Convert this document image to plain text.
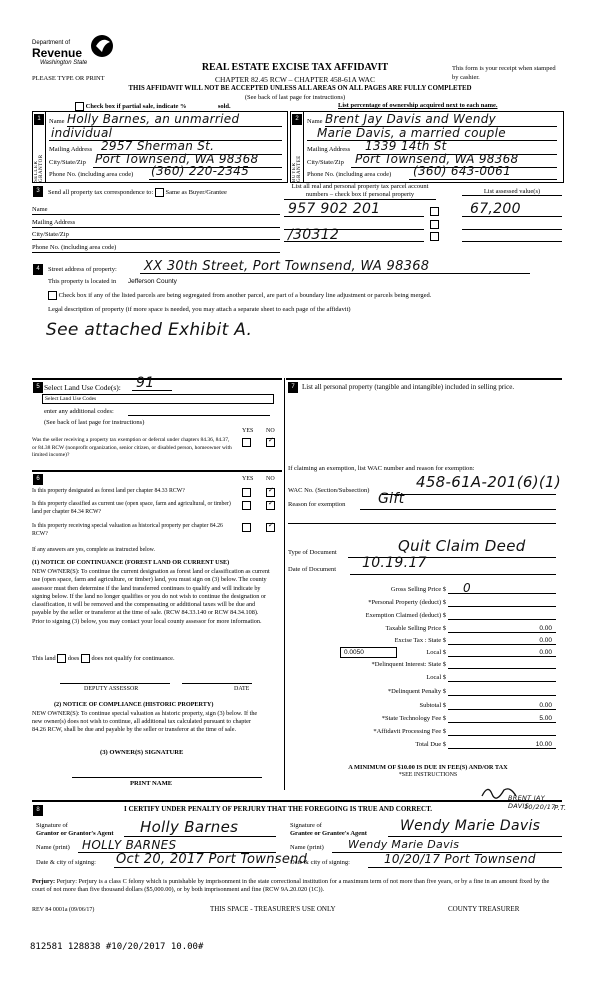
Department of
Revenue
Washington State	REAL ESTATE EXCISE TAX AFFIDAVIT
CHAPTER 82.45 RCW – CHAPTER 458-61A WAC
PLEASE TYPE OR PRINT
This form is your receipt when stamped by cashier.
THIS AFFIDAVIT WILL NOT BE ACCEPTED UNLESS ALL AREAS ON ALL PAGES ARE FULLY COMPLETED
(See back of last page for instructions)
Check box if partial sale, indicate %	sold.	List percentage of ownership acquired next to each name.
1
SELLER GRANTOR
Name Holly Barnes, an unmarried
individual
Mailing Address 2957 Sherman St.
City/State/Zip Port Townsend, WA 98368
Phone No. (including area code) (360) 220-2345
2
BUYER GRANTEE
Name Brent Jay Davis and Wendy
Marie Davis, a married couple
Mailing Address 1339 14th St
City/State/Zip Port Townsend, WA 98368
Phone No. (including area code) (360) 643-0061
3	Send all property tax correspondence to: Same as Buyer/Grantee
Name
Mailing Address
City/State/Zip
Phone No. (including area code)
List all real and personal property tax parcel account numbers – check box if personal property	List assessed value(s)
957 902 201	67,200
/30312
4	Street address of property: XX 30th Street, Port Townsend, WA 98368
This property is located in Jefferson County
Check box if any of the listed parcels are being segregated from another parcel, are part of a boundary line adjustment or parcels being merged.
Legal description of property (if more space is needed, you may attach a separate sheet to each page of the affidavit)
See attached Exhibit A.
5 Select Land Use Code(s): 91
Select Land Use Codes
enter any additional codes:
(See back of last page for instructions)
YES NO
Was the seller receiving a property tax exemption or deferral under chapters 84.36, 84.37, or 84.38 RCW (nonprofit organization, senior citizen, or disabled person, homeowner with limited income)?
✓
6	YES NO
Is this property designated as forest land per chapter 84.33 RCW?
✓
Is this property classified as current use (open space, farm and agricultural, or timber) land per chapter 84.34 RCW?
✓
Is this property receiving special valuation as historical property per chapter 84.26 RCW?
✓
If any answers are yes, complete as instructed below.
(1) NOTICE OF CONTINUANCE (FOREST LAND OR CURRENT USE)
NEW OWNER(S): To continue the current designation as forest land or classification as current use (open space, farm and agriculture, or timber) land, you must sign on (3) below. The county assessor must then determine if the land transferred continues to qualify and will indicate by signing below. If the land no longer qualifies or you do not wish to continue the designation or classification, it will be removed and the compensating or additional taxes will be due and payable by the seller or transferor at the time of sale. (RCW 84.33.140 or RCW 84.34.108). Prior to signing (3) below, you may contact your local county assessor for more information.
This land does does not qualify for continuance.
DEPUTY ASSESSOR	DATE
(2) NOTICE OF COMPLIANCE (HISTORIC PROPERTY)
NEW OWNER(S): To continue special valuation as historic property, sign (3) below. If the new owner(s) does not wish to continue, all additional tax calculated pursuant to chapter 84.26 RCW, shall be due and payable by the seller or transferor at the time of sale.
(3) OWNER(S) SIGNATURE
PRINT NAME
7	List all personal property (tangible and intangible) included in selling price.
If claiming an exemption, list WAC number and reason for exemption:
WAC No. (Section/Subsection)	458-61A-201(6)(1)
Reason for exemption Gift
Type of Document	Quit Claim Deed
Date of Document 10.19.17
Gross Selling Price $ 0
*Personal Property (deduct) $
Exemption Claimed (deduct) $
Taxable Selling Price $	0.00
Excise Tax : State $	0.00
0.0050	Local $	0.00
*Delinquent Interest: State $
Local $
*Delinquent Penalty $
Subtotal $	0.00
*State Technology Fee $	5.00
*Affidavit Processing Fee $
Total Due $	10.00
A MINIMUM OF $10.00 IS DUE IN FEE(S) AND/OR TAX
*SEE INSTRUCTIONS
8	I CERTIFY UNDER PENALTY OF PERJURY THAT THE FOREGOING IS TRUE AND CORRECT.
BRENT JAY DAVIS
10/20/17
P.T.
Signature of
Grantor or Grantor's Agent Holly Barnes
Name (print) HOLLY BARNES
Date & city of signing: Oct 20, 2017 Port Townsend
Signature of
Grantee or Grantee's Agent Wendy Marie Davis
Name (print) Wendy Marie Davis
Date & city of signing:	10/20/17 Port Townsend
Perjury: Perjury: Perjury is a class C felony which is punishable by imprisonment in the state correctional institution for a maximum term of not more than five years, or by a fine in an amount fixed by the court of not more than five thousand dollars ($5,000.00), or by both imprisonment and fine (RCW 9A.20.020 (1C)).
REV 84 0001a (09/06/17)	THIS SPACE - TREASURER'S USE ONLY	COUNTY TREASURER
812581 128838 #10/20/2017 10.00#
